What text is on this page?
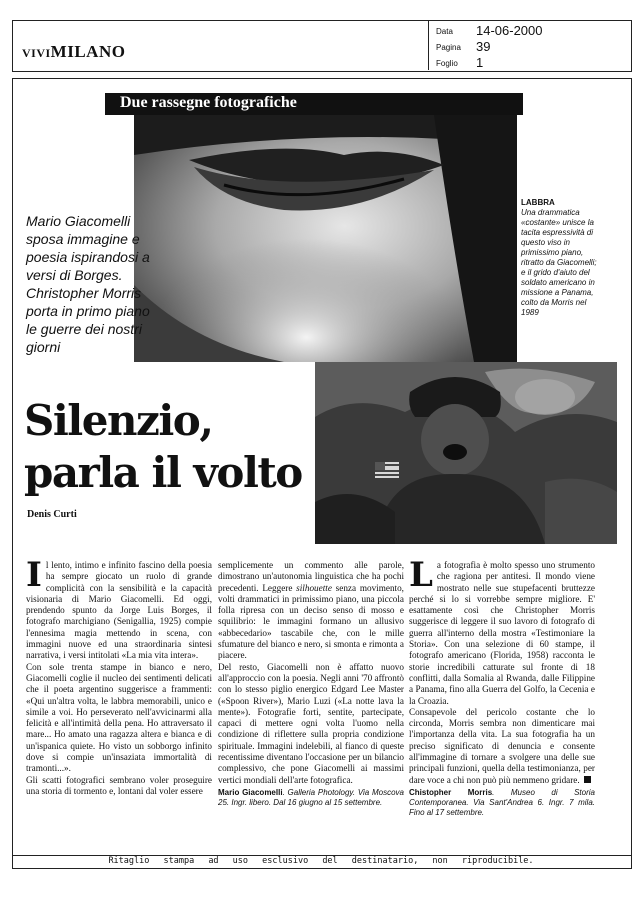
VIVIMILANO
Data 14-06-2000
Pagina 39
Foglio 1
Due rassegne fotografiche
Mario Giacomelli sposa immagine e poesia ispirandosi a versi di Borges. Christopher Morris porta in primo piano le guerre dei nostri giorni
LABBRA
Una drammatica «costante» unisce la tacita espressività di questo viso in primissimo piano, ritratto da Giacomelli; e il grido d'aiuto del soldato americano in missione a Panama, colto da Morris nel 1989
Silenzio,
parla il volto
Denis Curti

Il lento, intimo e infinito fascino della poesia ha sempre giocato un ruolo di grande complicità con la sensibilità e la capacità visionaria di Mario Giacomelli. Ed oggi, prendendo spunto da Jorge Luis Borges, il fotografo marchigiano (Senigallia, 1925) compie l'ennesima magia mettendo in scena, con immagini nuove ed una straordinaria sintesi narrativa, i versi intitolati «La mia vita intera».

Con sole trenta stampe in bianco e nero, Giacomelli coglie il nucleo dei sentimenti delicati che il poeta argentino suggerisce a frammenti: «Qui un'altra volta, le labbra memorabili, unico e simile a voi. Ho perseverato nell'avvicinarmi alla felicità e all'intimità della pena. Ho attraversato il mare... Ho amato una ragazza altera e bianca e di un'ispanica quiete. Ho visto un sobborgo infinito dove si compie un'insaziata immortalità di tramonti...».

Gli scatti fotografici sembrano voler proseguire una storia di tormento e, lontani dal voler essere

semplicemente un commento alle parole, dimostrano un'autonomia linguistica che ha pochi precedenti. Leggere silhouette senza movimento, volti drammatici in primissimo piano, una piccola folla ripresa con un deciso senso di mosso e squilibrio: le immagini formano un allusivo «abbecedario» tascabile che, con le mille sfumature del bianco e nero, si smonta e rimonta a piacere.

Del resto, Giacomelli non è affatto nuovo all'approccio con la poesia. Negli anni '70 affrontò con lo stesso piglio energico Edgard Lee Master («Spoon River»), Mario Luzi («La notte lava la mente»). Fotografie forti, sentite, partecipate, capaci di mettere ogni volta l'uomo nella condizione di riflettere sulla propria condizione spirituale. Immagini indelebili, al fianco di queste recentissime diventano l'occasione per un bilancio complessivo, che pone Giacomelli ai massimi vertici mondiali dell'arte fotografica.

Mario Giacomelli. Galleria Photology. Via Moscova 25. Ingr. libero. Dal 16 giugno al 15 settembre.

La fotografia è molto spesso uno strumento che ragiona per antitesi. Il mondo viene mostrato nelle sue stupefacenti bruttezze perché si lo si vorrebbe sempre migliore. E' esattamente così che Christopher Morris suggerisce di leggere il suo lavoro di fotografo di guerra all'interno della mostra «Testimoniare la Storia». Con una selezione di 60 stampe, il fotografo americano (Florida, 1958) racconta le storie incredibili catturate sul fronte di 18 conflitti, dalla Somalia al Rwanda, dalle Filippine a Panama, fino alla Guerra del Golfo, la Cecenia e la Croazia.

Consapevole del pericolo costante che lo circonda, Morris sembra non dimenticare mai l'importanza della vita. La sua fotografia ha un preciso significato di denuncia e consente all'immagine di tornare a svolgere una delle sue principali funzioni, quella della testimonianza, per dare voce a chi non può più nemmeno gridare.

Chistopher Morris. Museo di Storia Contemporanea. Via Sant'Andrea 6. Ingr. 7 mila. Fino al 17 settembre.
Ritaglio stampa ad uso esclusivo del destinatario, non riproducibile.
